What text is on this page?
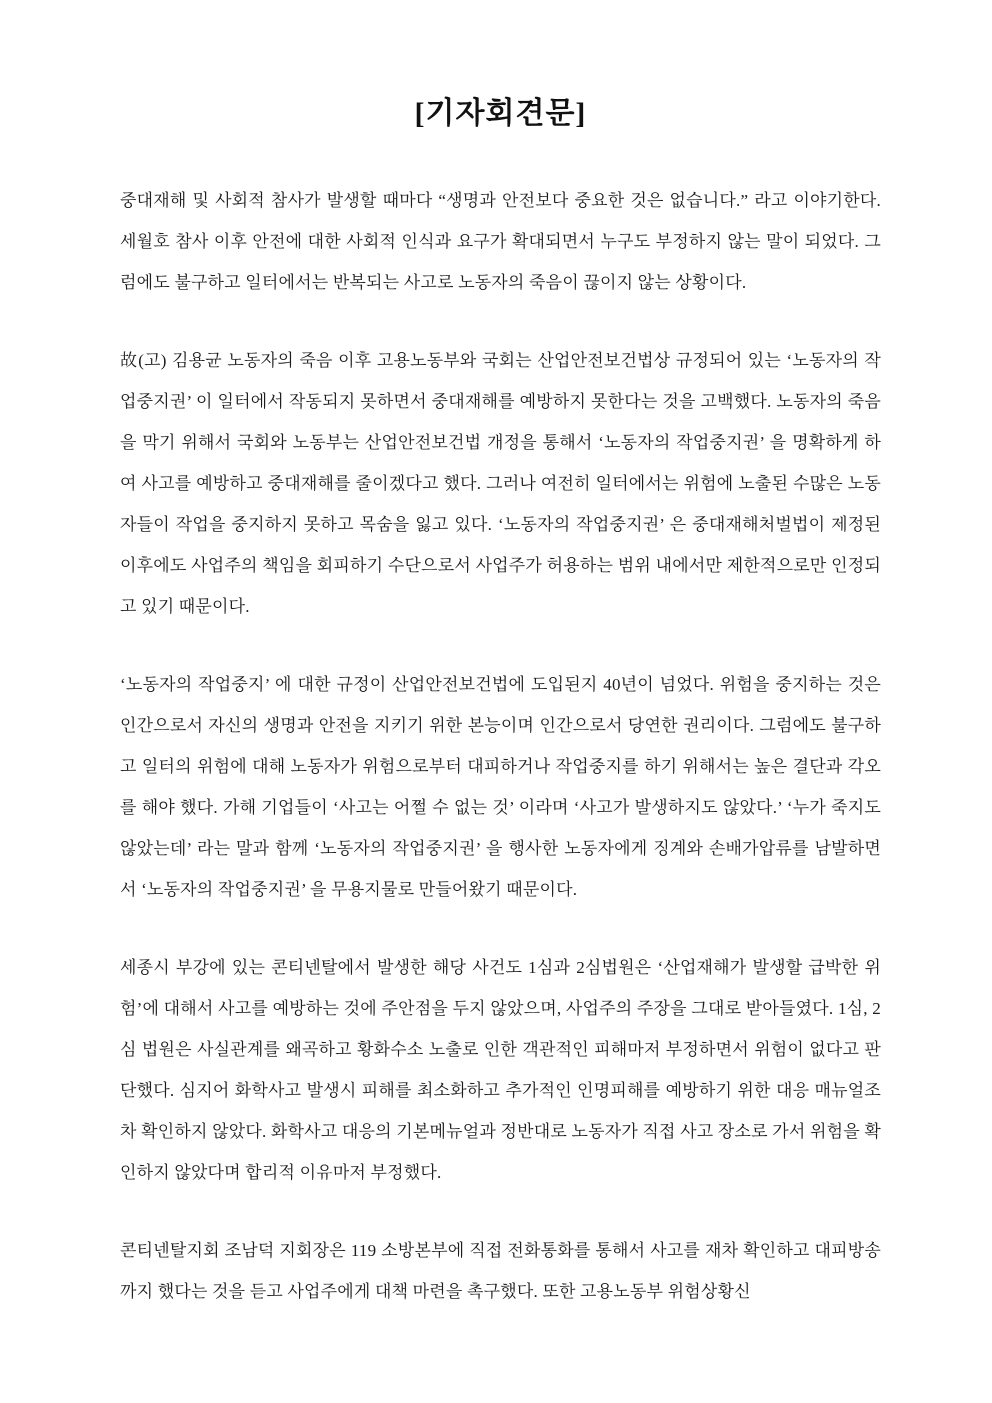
[기자회견문]

중대재해 및 사회적 참사가 발생할 때마다 “생명과 안전보다 중요한 것은 없습니다.” 라고 이야기한다. 세월호 참사 이후 안전에 대한 사회적 인식과 요구가 확대되면서 누구도 부정하지 않는 말이 되었다. 그럼에도 불구하고 일터에서는 반복되는 사고로 노동자의 죽음이 끊이지 않는 상황이다.

故(고) 김용균 노동자의 죽음 이후 고용노동부와 국회는 산업안전보건법상 규정되어 있는 ‘노동자의 작업중지권’ 이 일터에서 작동되지 못하면서 중대재해를 예방하지 못한다는 것을 고백했다. 노동자의 죽음을 막기 위해서 국회와 노동부는 산업안전보건법 개정을 통해서 ‘노동자의 작업중지권’ 을 명확하게 하여 사고를 예방하고 중대재해를 줄이겠다고 했다. 그러나 여전히 일터에서는 위험에 노출된 수많은 노동자들이 작업을 중지하지 못하고 목숨을 잃고 있다. ‘노동자의 작업중지권’ 은 중대재해처벌법이 제정된 이후에도 사업주의 책임을 회피하기 수단으로서 사업주가 허용하는 범위 내에서만 제한적으로만 인정되고 있기 때문이다.

‘노동자의 작업중지’ 에 대한 규정이 산업안전보건법에 도입된지 40년이 넘었다. 위험을 중지하는 것은 인간으로서 자신의 생명과 안전을 지키기 위한 본능이며 인간으로서 당연한 권리이다. 그럼에도 불구하고 일터의 위험에 대해 노동자가 위험으로부터 대피하거나 작업중지를 하기 위해서는 높은 결단과 각오를 해야 했다. 가해 기업들이 ‘사고는 어쩔 수 없는 것’ 이라며 ‘사고가 발생하지도 않았다.’ ‘누가 죽지도 않았는데’ 라는 말과 함께 ‘노동자의 작업중지권’ 을 행사한 노동자에게 징계와 손배가압류를 남발하면서 ‘노동자의 작업중지권’ 을 무용지물로 만들어왔기 때문이다.

세종시 부강에 있는 콘티넨탈에서 발생한 해당 사건도 1심과 2심법원은 ‘산업재해가 발생할 급박한 위험’에 대해서 사고를 예방하는 것에 주안점을 두지 않았으며, 사업주의 주장을 그대로 받아들였다. 1심, 2심 법원은 사실관계를 왜곡하고 황화수소 노출로 인한 객관적인 피해마저 부정하면서 위험이 없다고 판단했다. 심지어 화학사고 발생시 피해를 최소화하고 추가적인 인명피해를 예방하기 위한 대응 매뉴얼조차 확인하지 않았다. 화학사고 대응의 기본메뉴얼과 정반대로 노동자가 직접 사고 장소로 가서 위험을 확인하지 않았다며 합리적 이유마저 부정했다.

콘티넨탈지회 조남덕 지회장은 119 소방본부에 직접 전화통화를 통해서 사고를 재차 확인하고 대피방송까지 했다는 것을 듣고 사업주에게 대책 마련을 촉구했다. 또한 고용노동부 위험상황신
